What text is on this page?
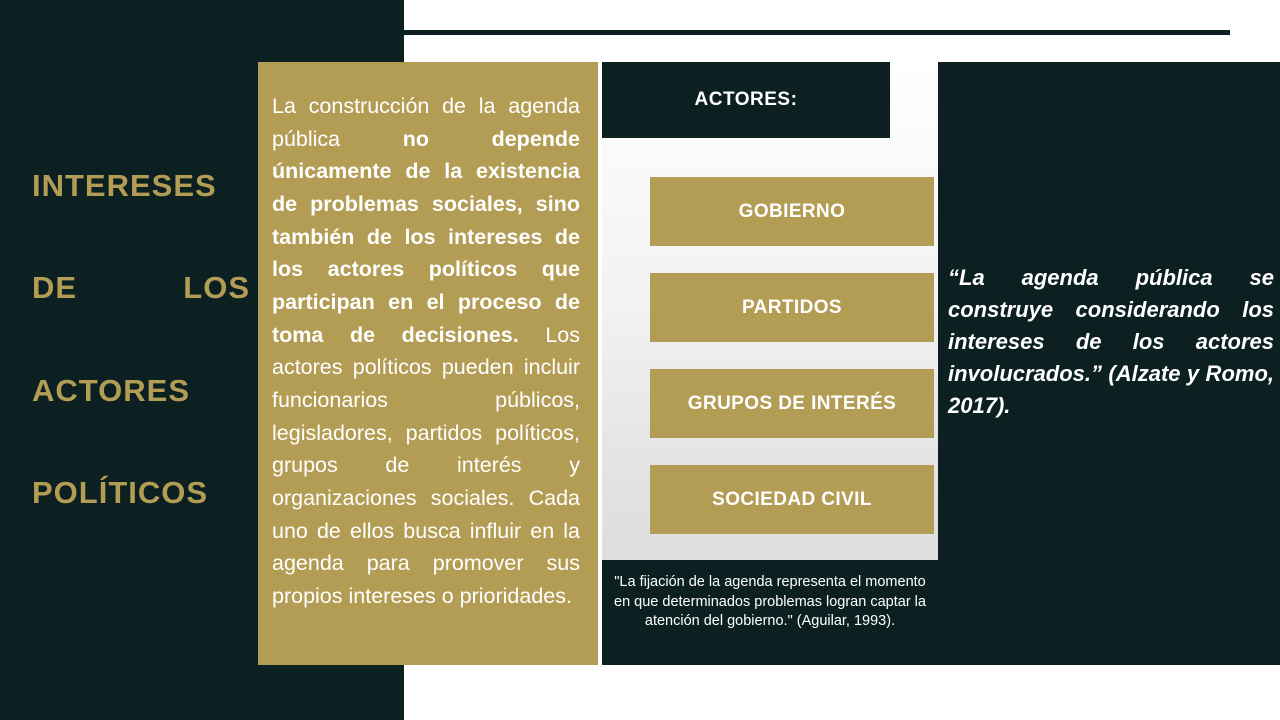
INTERESES
DE LOS
ACTORES
POLÍTICOS
La construcción de la agenda pública no depende únicamente de la existencia de problemas sociales, sino también de los intereses de los actores políticos que participan en el proceso de toma de decisiones. Los actores políticos pueden incluir funcionarios públicos, legisladores, partidos políticos, grupos de interés y organizaciones sociales. Cada uno de ellos busca influir en la agenda para promover sus propios intereses o prioridades.
ACTORES:
GOBIERNO
PARTIDOS
GRUPOS DE INTERÉS
SOCIEDAD CIVIL
"La fijación de la agenda representa el momento en que determinados problemas logran captar la atención del gobierno." (Aguilar, 1993).
“La agenda pública se construye considerando los intereses de los actores involucrados.” (Alzate y Romo, 2017).
